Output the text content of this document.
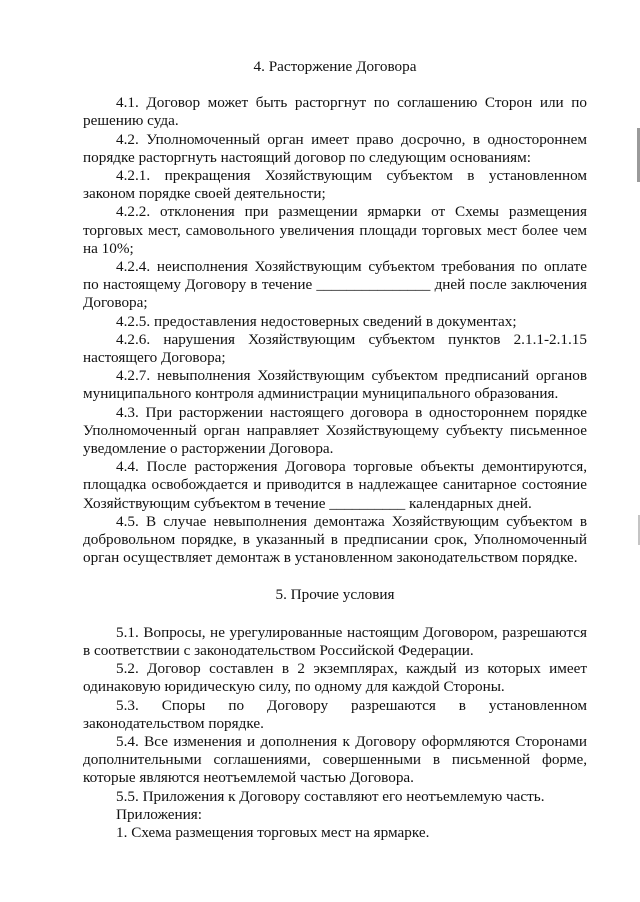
4. Расторжение Договора

4.1. Договор может быть расторгнут по соглашению Сторон или по решению суда.

4.2. Уполномоченный орган имеет право досрочно, в одностороннем порядке расторгнуть настоящий договор по следующим основаниям:

4.2.1. прекращения Хозяйствующим субъектом в установленном законом порядке своей деятельности;

4.2.2. отклонения при размещении ярмарки от Схемы размещения торговых мест, самовольного увеличения площади торговых мест более чем на 10%;

4.2.4. неисполнения Хозяйствующим субъектом требования по оплате по настоящему Договору в течение _______________ дней после заключения Договора;

4.2.5. предоставления недостоверных сведений в документах;

4.2.6. нарушения Хозяйствующим субъектом пунктов 2.1.1-2.1.15 настоящего Договора;

4.2.7. невыполнения Хозяйствующим субъектом предписаний органов муниципального контроля администрации муниципального образования.

4.3. При расторжении настоящего договора в одностороннем порядке Уполномоченный орган направляет Хозяйствующему субъекту письменное уведомление о расторжении Договора.

4.4. После расторжения Договора торговые объекты демонтируются, площадка освобождается и приводится в надлежащее санитарное состояние Хозяйствующим субъектом в течение __________ календарных дней.

4.5. В случае невыполнения демонтажа Хозяйствующим субъектом в добровольном порядке, в указанный в предписании срок, Уполномоченный орган осуществляет демонтаж в установленном законодательством порядке.

5. Прочие условия

5.1. Вопросы, не урегулированные настоящим Договором, разрешаются в соответствии с законодательством Российской Федерации.

5.2. Договор составлен в 2 экземплярах, каждый из которых имеет одинаковую юридическую силу, по одному для каждой Стороны.

5.3. Споры по Договору разрешаются в установленном законодательством порядке.

5.4. Все изменения и дополнения к Договору оформляются Сторонами дополнительными соглашениями, совершенными в письменной форме, которые являются неотъемлемой частью Договора.

5.5. Приложения к Договору составляют его неотъемлемую часть.

Приложения:

1. Схема размещения торговых мест на ярмарке.
